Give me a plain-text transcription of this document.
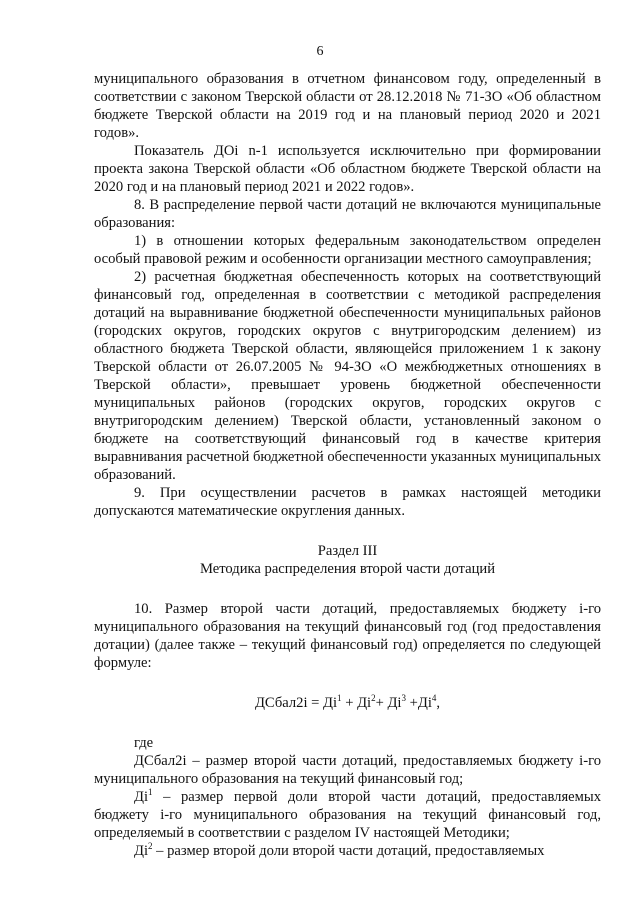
6

муниципального образования в отчетном финансовом году, определенный в соответствии с законом Тверской области от 28.12.2018 № 71-ЗО «Об областном бюджете Тверской области на 2019 год и на плановый период 2020 и 2021 годов».

Показатель ДОi n-1 используется исключительно при формировании проекта закона Тверской области «Об областном бюджете Тверской области на 2020 год и на плановый период 2021 и 2022 годов».

8. В распределение первой части дотаций не включаются муниципальные образования:

1) в отношении которых федеральным законодательством определен особый правовой режим и особенности организации местного самоуправления;

2) расчетная бюджетная обеспеченность которых на соответствующий финансовый год, определенная в соответствии с методикой распределения дотаций на выравнивание бюджетной обеспеченности муниципальных районов (городских округов, городских округов с внутригородским делением) из областного бюджета Тверской области, являющейся приложением 1 к закону Тверской области от 26.07.2005 № 94-ЗО «О межбюджетных отношениях в Тверской области», превышает уровень бюджетной обеспеченности муниципальных районов (городских округов, городских округов с внутригородским делением) Тверской области, установленный законом о бюджете на соответствующий финансовый год в качестве критерия выравнивания расчетной бюджетной обеспеченности указанных муниципальных образований.

9. При осуществлении расчетов в рамках настоящей методики допускаются математические округления данных.

Раздел III
Методика распределения второй части дотаций

10. Размер второй части дотаций, предоставляемых бюджету i-го муниципального образования на текущий финансовый год (год предоставления дотации) (далее также – текущий финансовый год) определяется по следующей формуле:

ДСбал2i = $Дi^1 + Дi^2+ Дi^3 +Дi^4$,

где

ДСбал2i – размер второй части дотаций, предоставляемых бюджету i-го муниципального образования на текущий финансовый год;

$Дi^1$ – размер первой доли второй части дотаций, предоставляемых бюджету i-го муниципального образования на текущий финансовый год, определяемый в соответствии с разделом IV настоящей Методики;

$Дi^2$ – размер второй доли второй части дотаций, предоставляемых
